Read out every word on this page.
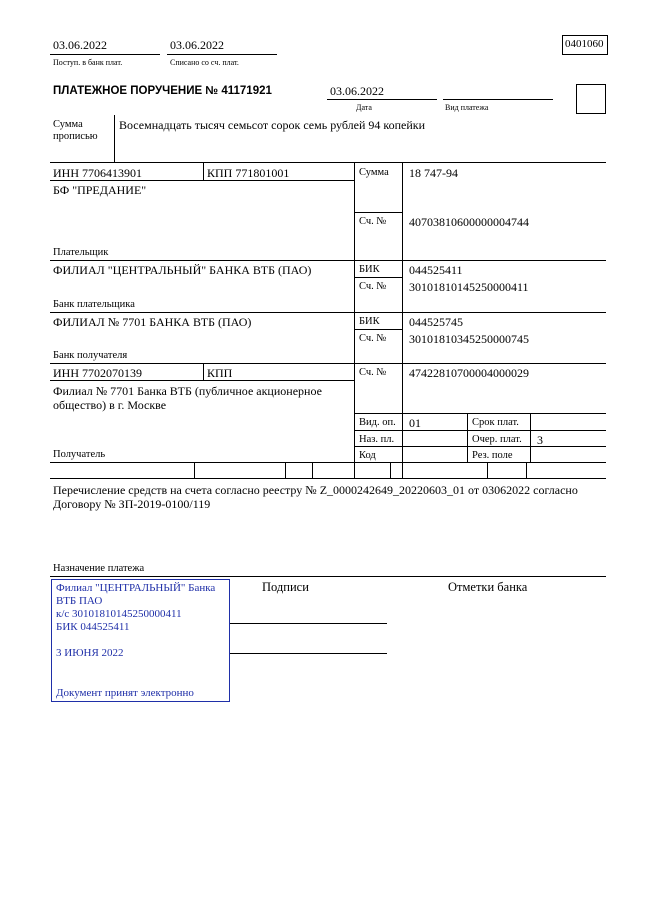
03.06.2022
Поступ. в банк плат.
03.06.2022
Списано со сч. плат.
0401060
ПЛАТЕЖНОЕ ПОРУЧЕНИЕ № 41171921	03.06.2022
Дата	Вид платежа
Сумма
прописью
Восемнадцать тысяч семьсот сорок семь рублей 94 копейки
ИНН 7706413901	КПП 771801001
БФ "ПРЕДАНИЕ"
Плательщик
Сумма 18 747-94
Сч. № 40703810600000004744
ФИЛИАЛ "ЦЕНТРАЛЬНЫЙ" БАНКА ВТБ (ПАО)
Банк плательщика
БИК 044525411
Сч. № 30101810145250000411
ФИЛИАЛ № 7701 БАНКА ВТБ (ПАО)
Банк получателя
БИК 044525745
Сч. № 30101810345250000745
ИНН 7702070139	КПП
Филиал № 7701 Банка ВТБ (публичное акционерное
общество) в г. Москве
Получатель
Сч. № 47422810700004000029
Вид. оп. 01	Срок плат.
Наз. пл.	Очер. плат. 3
Код	Рез. поле
Перечисление средств на счета согласно реестру № Z_0000242649_20220603_01 от 03062022 согласно
Договору № ЗП-2019-0100/119
Назначение платежа
Подписи	Отметки банка
Филиал "ЦЕНТРАЛЬНЫЙ" Банка
ВТБ ПАО
к/с 30101810145250000411
БИК 044525411
3 ИЮНЯ 2022
Документ принят электронно
